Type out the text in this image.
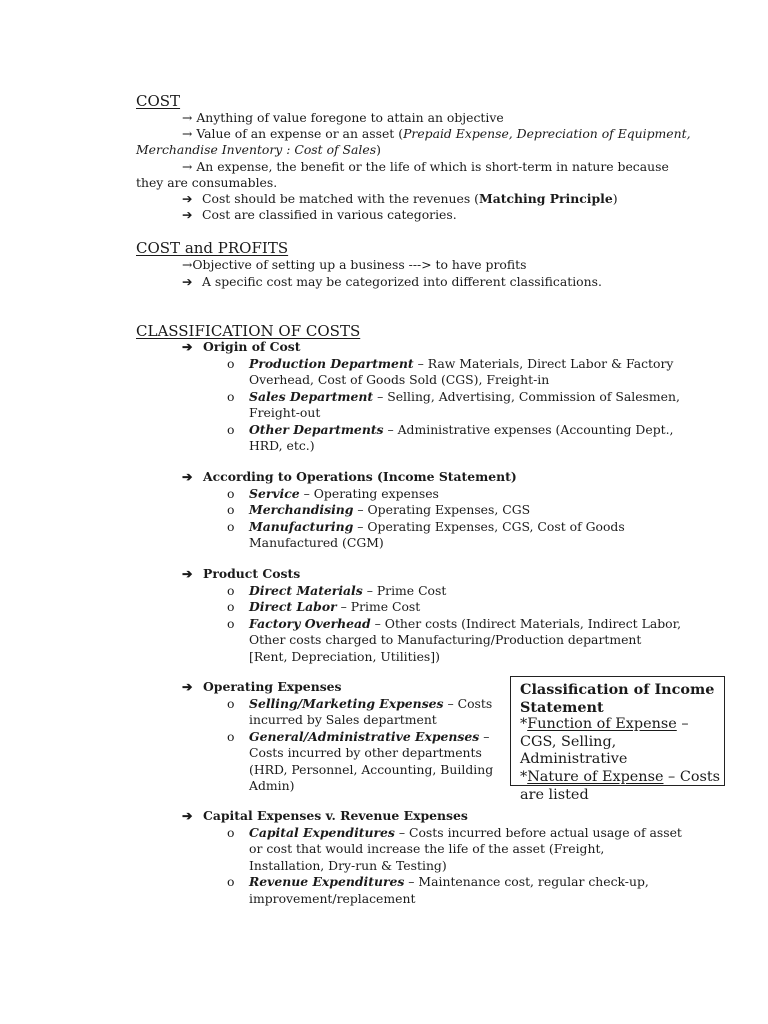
COST
→ Anything of value foregone to attain an objective
→ Value of an expense or an asset (Prepaid Expense, Depreciation of Equipment,
Merchandise Inventory : Cost of Sales)
→ An expense, the benefit or the life of which is short-term in nature because
they are consumables.
➔ Cost should be matched with the revenues (Matching Principle)
➔ Cost are classified in various categories.
COST and PROFITS
→Objective of setting up a business ---> to have profits
➔ A specific cost may be categorized into different classifications.
CLASSIFICATION OF COSTS
➔ Origin of Cost
o Production Department – Raw Materials, Direct Labor & Factory Overhead, Cost of Goods Sold (CGS), Freight-in
o Sales Department – Selling, Advertising, Commission of Salesmen, Freight-out
o Other Departments – Administrative expenses (Accounting Dept., HRD, etc.)
➔ According to Operations (Income Statement)
o Service – Operating expenses
o Merchandising – Operating Expenses, CGS
o Manufacturing – Operating Expenses, CGS, Cost of Goods Manufactured (CGM)
➔ Product Costs
o Direct Materials – Prime Cost
o Direct Labor – Prime Cost
o Factory Overhead – Other costs (Indirect Materials, Indirect Labor, Other costs charged to Manufacturing/Production department [Rent, Depreciation, Utilities])
➔ Operating Expenses
o Selling/Marketing Expenses – Costs incurred by Sales department
o General/Administrative Expenses – Costs incurred by other departments (HRD, Personnel, Accounting, Building Admin)
➔ Capital Expenses v. Revenue Expenses
o Capital Expenditures – Costs incurred before actual usage of asset or cost that would increase the life of the asset (Freight, Installation, Dry-run & Testing)
o Revenue Expenditures – Maintenance cost, regular check-up, improvement/replacement
Classification of Income Statement
*Function of Expense – CGS, Selling, Administrative
*Nature of Expense – Costs are listed
